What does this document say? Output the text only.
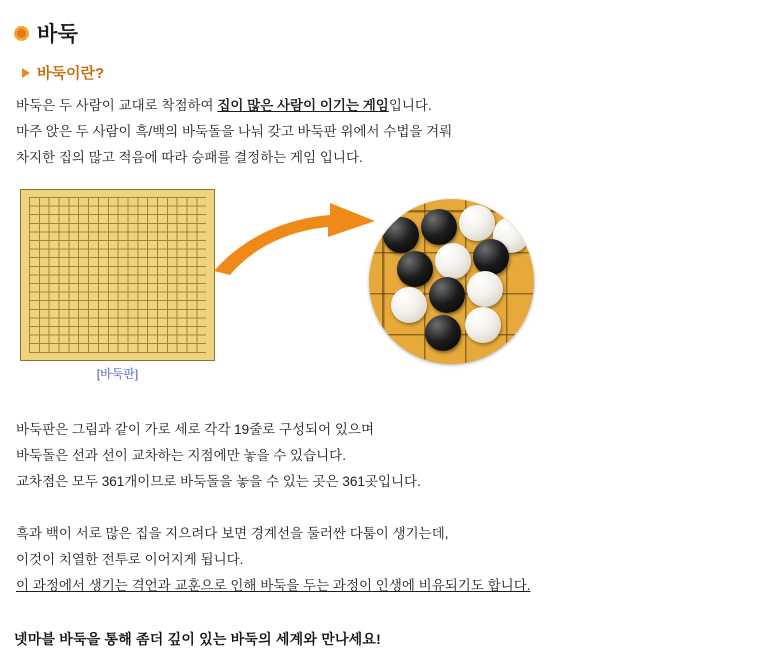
바둑
바둑이란?
바둑은 두 사람이 교대로 착점하여 집이 많은 사람이 이기는 게임입니다.
마주 앉은 두 사람이 흑/백의 바둑돌을 나눠 갖고 바둑판 위에서 수법을 겨뤄
차지한 집의 많고 적음에 따라 승패를 결정하는 게임 입니다.
[바둑판]
바둑판은 그림과 같이 가로 세로 각각 19줄로 구성되어 있으며
바둑돌은 선과 선이 교차하는 지점에만 놓을 수 있습니다.
교차점은 모두 361개이므로 바둑돌을 놓을 수 있는 곳은 361곳입니다.
흑과 백이 서로 많은 집을 지으려다 보면 경계선을 둘러싼 다툼이 생기는데,
이것이 치열한 전투로 이어지게 됩니다.
이 과정에서 생기는 격언과 교훈으로 인해 바둑을 두는 과정이 인생에 비유되기도 합니다.
넷마블 바둑을 통해 좀더 깊이 있는 바둑의 세계와 만나세요!
